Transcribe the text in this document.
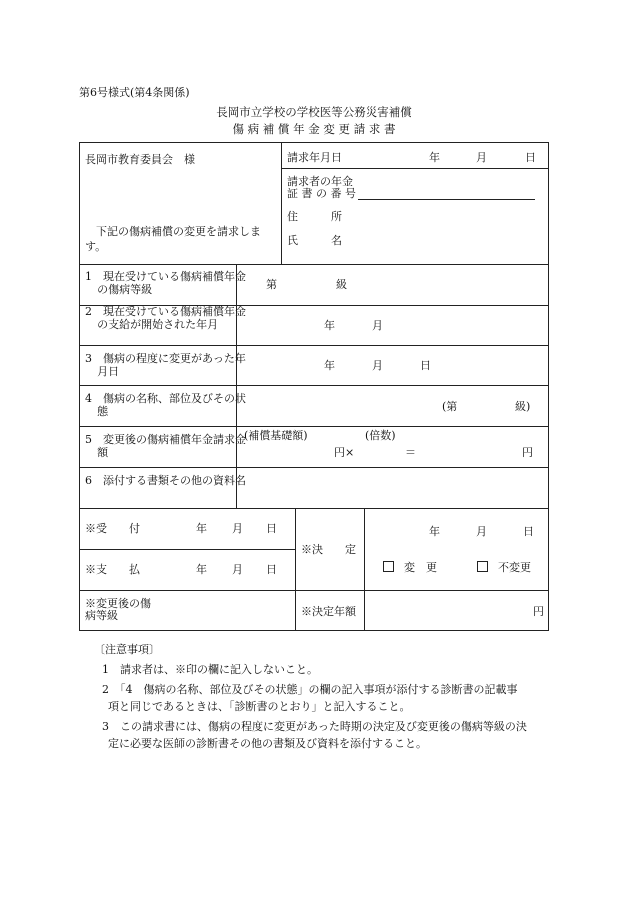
第6号様式(第4条関係)
長岡市立学校の学校医等公務災害補償
傷 病 補 償 年 金 変 更 請 求 書
長岡市教育委員会　様
下記の傷病補償の変更を請求します。
請求年月日	年	月	日
請求者の年金
証 書 の 番 号
住　　　所
氏　　　名
1　現在受けている傷病補償年金の傷病等級	第	級
2　現在受けている傷病補償年金の支給が開始された年月	年	月
3　傷病の程度に変更があった年月日	年	月	日
4　傷病の名称、部位及びその状態	(第	級)
5　変更後の傷病補償年金請求金額
(補償基礎額)	(倍数)
円×	＝	円
6　添付する書類その他の資料名
※受　　付	年 月 日
※支　　払	年 月 日
※決　　定
年	月	日
変　更	不変更
※変更後の傷病等級	※決定年額	円
〔注意事項〕
1　請求者は、※印の欄に記入しないこと。
2　「4　傷病の名称、部位及びその状態」の欄の記入事項が添付する診断書の記載事
項と同じであるときは、「診断書のとおり」と記入すること。
3　この請求書には、傷病の程度に変更があった時期の決定及び変更後の傷病等級の決
定に必要な医師の診断書その他の書類及び資料を添付すること。
